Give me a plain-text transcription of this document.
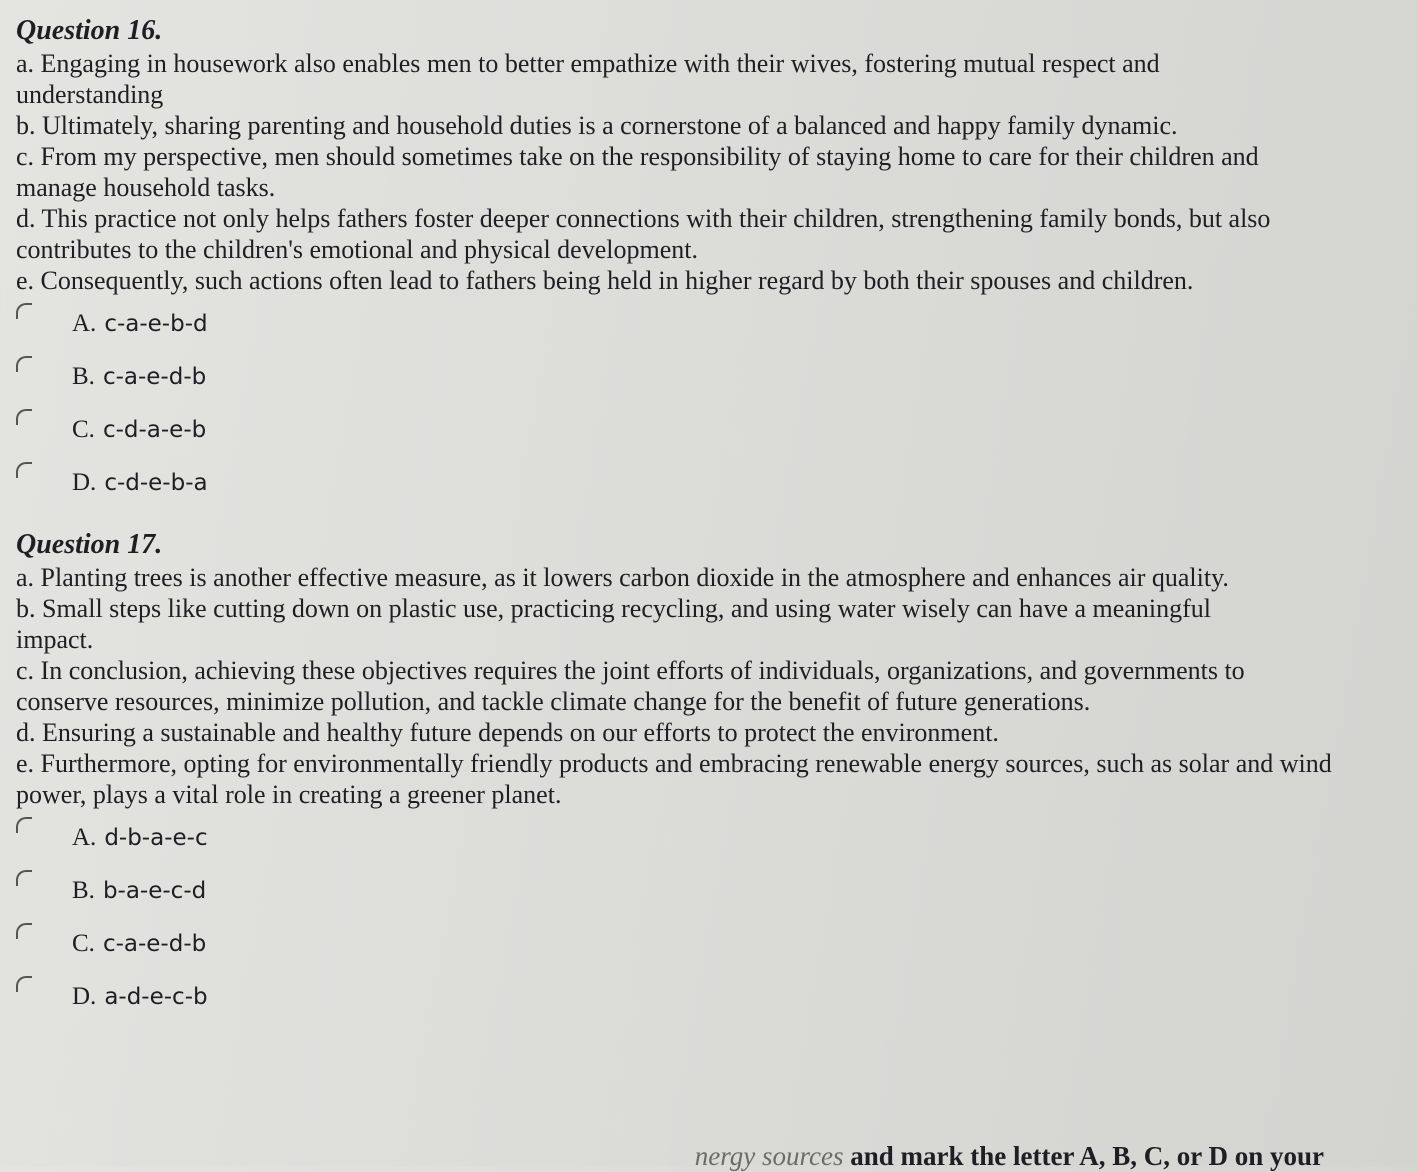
Question 16.

a. Engaging in housework also enables men to better empathize with their wives, fostering mutual respect and understanding

b. Ultimately, sharing parenting and household duties is a cornerstone of a balanced and happy family dynamic.

c. From my perspective, men should sometimes take on the responsibility of staying home to care for their children and manage household tasks.

d. This practice not only helps fathers foster deeper connections with their children, strengthening family bonds, but also contributes to the children's emotional and physical development.

e. Consequently, such actions often lead to fathers being held in higher regard by both their spouses and children.

A. c-a-e-b-d
B. c-a-e-d-b
C. c-d-a-e-b
D. c-d-e-b-a
Question 17.

a. Planting trees is another effective measure, as it lowers carbon dioxide in the atmosphere and enhances air quality.

b. Small steps like cutting down on plastic use, practicing recycling, and using water wisely can have a meaningful impact.

c. In conclusion, achieving these objectives requires the joint efforts of individuals, organizations, and governments to conserve resources, minimize pollution, and tackle climate change for the benefit of future generations.

d. Ensuring a sustainable and healthy future depends on our efforts to protect the environment.

e. Furthermore, opting for environmentally friendly products and embracing renewable energy sources, such as solar and wind power, plays a vital role in creating a greener planet.

A. d-b-a-e-c
B. b-a-e-c-d
C. c-a-e-d-b
D. a-d-e-c-b
nergy sources and mark the letter A, B, C, or D on your
